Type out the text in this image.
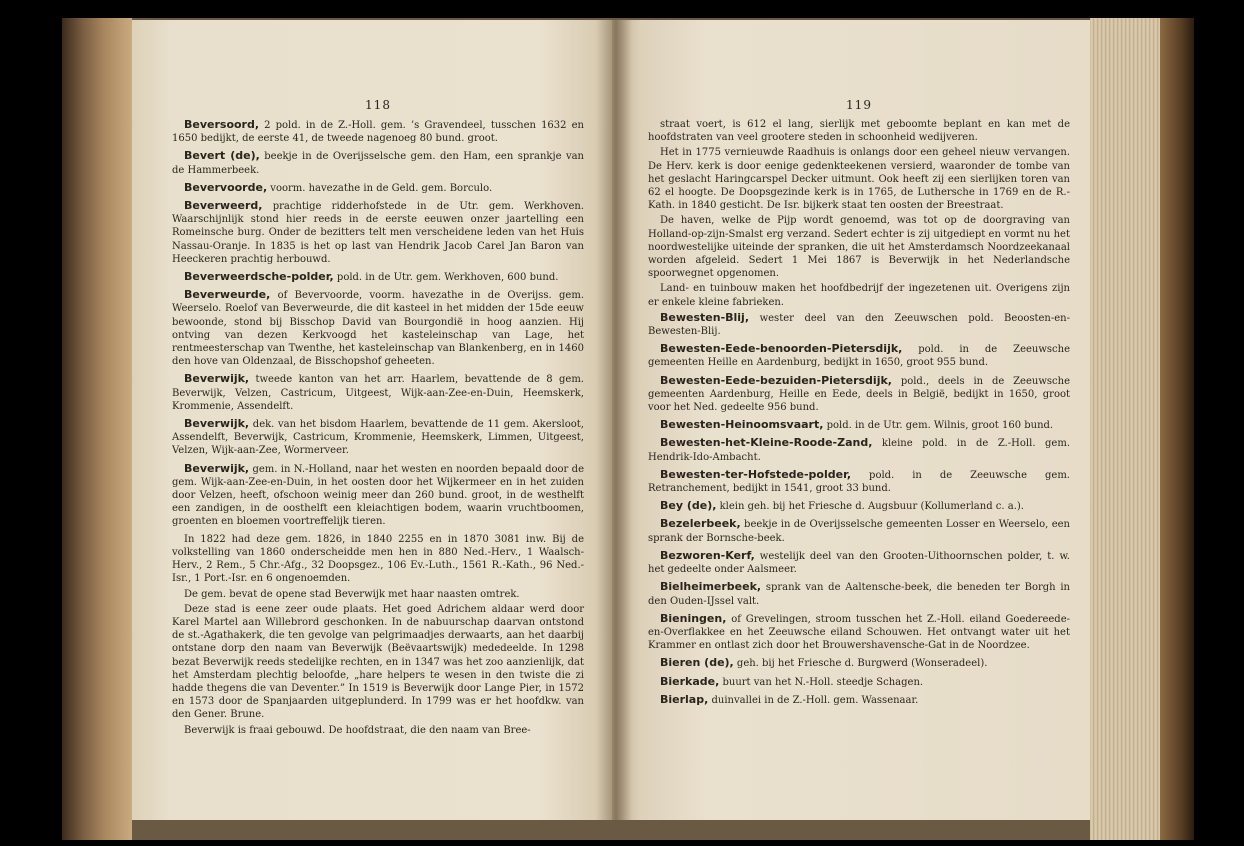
118

Beversoord, 2 pold. in de Z.-Holl. gem. ’s Gravendeel, tusschen 1632 en 1650 bedijkt, de eerste 41, de tweede nagenoeg 80 bund. groot.

Bevert (de), beekje in de Overijsselsche gem. den Ham, een sprankje van de Hammerbeek.

Bevervoorde, voorm. havezathe in de Geld. gem. Borculo.

Beverweerd, prachtige ridderhofstede in de Utr. gem. Werkhoven. Waarschijnlijk stond hier reeds in de eerste eeuwen onzer jaartelling een Romeinsche burg. Onder de bezitters telt men verscheidene leden van het Huis Nassau-Oranje. In 1835 is het op last van Hendrik Jacob Carel Jan Baron van Heeckeren prachtig herbouwd.

Beverweerdsche-polder, pold. in de Utr. gem. Werkhoven, 600 bund.

Beverweurde, of Bevervoorde, voorm. havezathe in de Overijss. gem. Weerselo. Roelof van Beverweurde, die dit kasteel in het midden der 15de eeuw bewoonde, stond bij Bisschop David van Bourgondië in hoog aanzien. Hij ontving van dezen Kerkvoogd het kasteleinschap van Lage, het rentmeesterschap van Twenthe, het kasteleinschap van Blankenberg, en in 1460 den hove van Oldenzaal, de Bisschopshof geheeten.

Beverwijk, tweede kanton van het arr. Haarlem, bevattende de 8 gem. Beverwijk, Velzen, Castricum, Uitgeest, Wijk-aan-Zee-en-Duin, Heemskerk, Krommenie, Assendelft.

Beverwijk, dek. van het bisdom Haarlem, bevattende de 11 gem. Akersloot, Assendelft, Beverwijk, Castricum, Krommenie, Heemskerk, Limmen, Uitgeest, Velzen, Wijk-aan-Zee, Wormerveer.

Beverwijk, gem. in N.-Holland, naar het westen en noorden bepaald door de gem. Wijk-aan-Zee-en-Duin, in het oosten door het Wijkermeer en in het zuiden door Velzen, heeft, ofschoon weinig meer dan 260 bund. groot, in de westhelft een zandigen, in de oosthelft een kleiachtigen bodem, waarin vruchtboomen, groenten en bloemen voortreffelijk tieren.

In 1822 had deze gem. 1826, in 1840 2255 en in 1870 3081 inw. Bij de volkstelling van 1860 onderscheidde men hen in 880 Ned.-Herv., 1 Waalsch-Herv., 2 Rem., 5 Chr.-Afg., 32 Doopsgez., 106 Ev.-Luth., 1561 R.-Kath., 96 Ned.-Isr., 1 Port.-Isr. en 6 ongenoemden.

De gem. bevat de opene stad Beverwijk met haar naasten omtrek.

Deze stad is eene zeer oude plaats. Het goed Adrichem aldaar werd door Karel Martel aan Willebrord geschonken. In de nabuurschap daarvan ontstond de st.-Agathakerk, die ten gevolge van pelgrimaadjes derwaarts, aan het daarbij ontstane dorp den naam van Beverwijk (Beëvaartswijk) mededeelde. In 1298 bezat Beverwijk reeds stedelijke rechten, en in 1347 was het zoo aanzienlijk, dat het Amsterdam plechtig beloofde, „hare helpers te wesen in den twiste die zi hadde thegens die van Deventer.” In 1519 is Beverwijk door Lange Pier, in 1572 en 1573 door de Spanjaarden uitgeplunderd. In 1799 was er het hoofdkw. van den Gener. Brune.

Beverwijk is fraai gebouwd. De hoofdstraat, die den naam van Bree-

119

straat voert, is 612 el lang, sierlijk met geboomte beplant en kan met de hoofdstraten van veel grootere steden in schoonheid wedijveren.

Het in 1775 vernieuwde Raadhuis is onlangs door een geheel nieuw vervangen. De Herv. kerk is door eenige gedenkteekenen versierd, waaronder de tombe van het geslacht Haringcarspel Decker uitmunt. Ook heeft zij een sierlijken toren van 62 el hoogte. De Doopsgezinde kerk is in 1765, de Luthersche in 1769 en de R.-Kath. in 1840 gesticht. De Isr. bijkerk staat ten oosten der Breestraat.

De haven, welke de Pijp wordt genoemd, was tot op de doorgraving van Holland-op-zijn-Smalst erg verzand. Sedert echter is zij uitgediept en vormt nu het noordwestelijke uiteinde der spranken, die uit het Amsterdamsch Noordzeekanaal worden afgeleid. Sedert 1 Mei 1867 is Beverwijk in het Nederlandsche spoorwegnet opgenomen.

Land- en tuinbouw maken het hoofdbedrijf der ingezetenen uit. Overigens zijn er enkele kleine fabrieken.

Bewesten-Blij, wester deel van den Zeeuwschen pold. Beoosten-en-Bewesten-Blij.

Bewesten-Eede-benoorden-Pietersdijk, pold. in de Zeeuwsche gemeenten Heille en Aardenburg, bedijkt in 1650, groot 955 bund.

Bewesten-Eede-bezuiden-Pietersdijk, pold., deels in de Zeeuwsche gemeenten Aardenburg, Heille en Eede, deels in België, bedijkt in 1650, groot voor het Ned. gedeelte 956 bund.

Bewesten-Heinoomsvaart, pold. in de Utr. gem. Wilnis, groot 160 bund.

Bewesten-het-Kleine-Roode-Zand, kleine pold. in de Z.-Holl. gem. Hendrik-Ido-Ambacht.

Bewesten-ter-Hofstede-polder, pold. in de Zeeuwsche gem. Retranchement, bedijkt in 1541, groot 33 bund.

Bey (de), klein geh. bij het Friesche d. Augsbuur (Kollumerland c. a.).

Bezelerbeek, beekje in de Overijsselsche gemeenten Losser en Weerselo, een sprank der Bornsche-beek.

Bezworen-Kerf, westelijk deel van den Grooten-Uithoornschen polder, t. w. het gedeelte onder Aalsmeer.

Bielheimerbeek, sprank van de Aaltensche-beek, die beneden ter Borgh in den Ouden-IJssel valt.

Bieningen, of Grevelingen, stroom tusschen het Z.-Holl. eiland Goedereede-en-Overflakkee en het Zeeuwsche eiland Schouwen. Het ontvangt water uit het Krammer en ontlast zich door het Brouwershavensche-Gat in de Noordzee.

Bieren (de), geh. bij het Friesche d. Burgwerd (Wonseradeel).

Bierkade, buurt van het N.-Holl. steedje Schagen.

Bierlap, duinvallei in de Z.-Holl. gem. Wassenaar.
